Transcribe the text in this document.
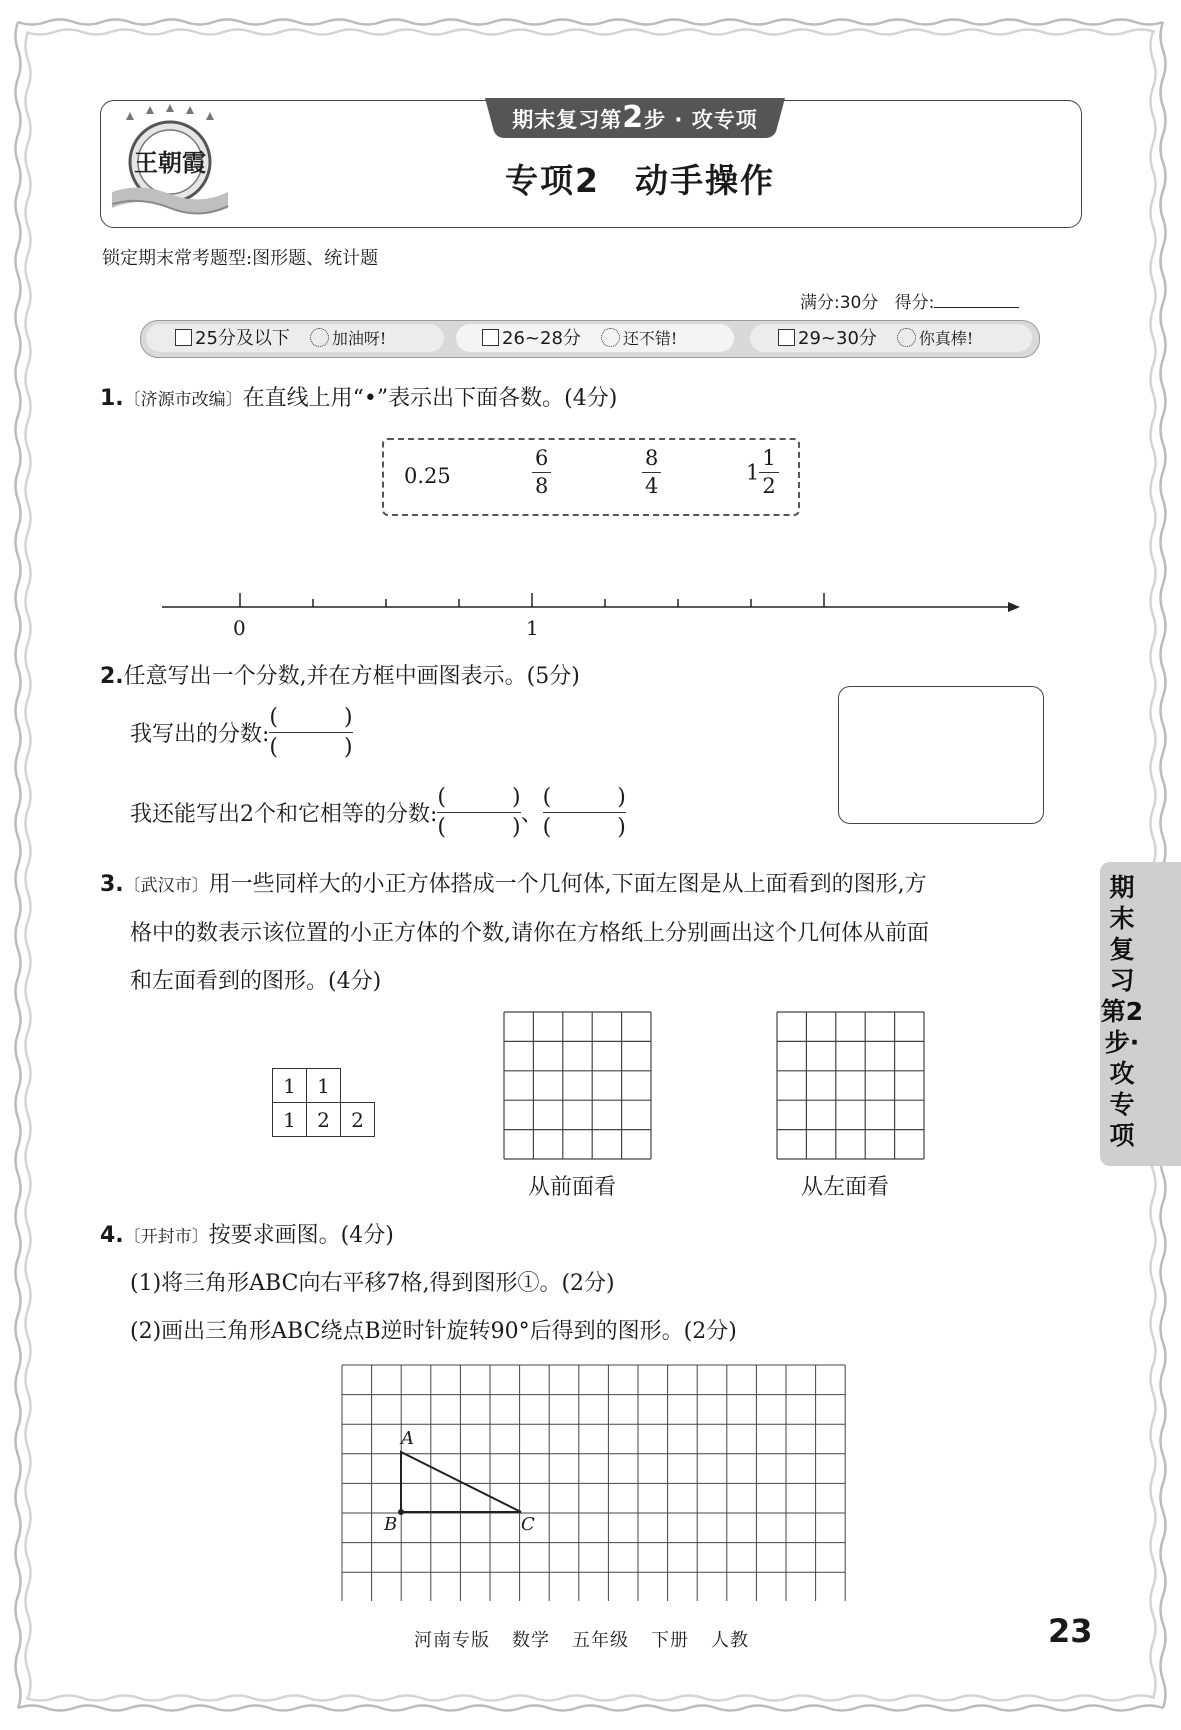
王朝霞
期末复习第2步 · 攻专项
专项2　动手操作
锁定期末常考题型:图形题、统计题
满分:30分 得分:
25分及以下	加油呀!	26~28分	还不错!	29~30分	你真棒!
1.〔济源市改编〕在直线上用“•”表示出下面各数。(4分)
0.25	$\frac{6}{8}$	$\frac{8}{4}$	$1 \frac{1}{2}$
0	1
2.任意写出一个分数,并在方框中画图表示。(5分)
我写出的分数: $\frac{( )}{( )}$
我还能写出2个和它相等的分数: $\frac{( )}{( )}$ 、 $\frac{( )}{( )}$
3.〔武汉市〕用一些同样大的小正方体搭成一个几何体,下面左图是从上面看到的图形,方
格中的数表示该位置的小正方体的个数,请你在方格纸上分别画出这个几何体从前面
和左面看到的图形。(4分)
1	1	
1	2	2
从前面看	从左面看
期末复习第2步·攻专项
4.〔开封市〕按要求画图。(4分)
(1)将三角形ABC向右平移7格,得到图形①。(2分)
(2)画出三角形ABC绕点B逆时针旋转90°后得到的图形。(2分)
A
B	C
河南专版 数学 五年级 下册 人教	23
